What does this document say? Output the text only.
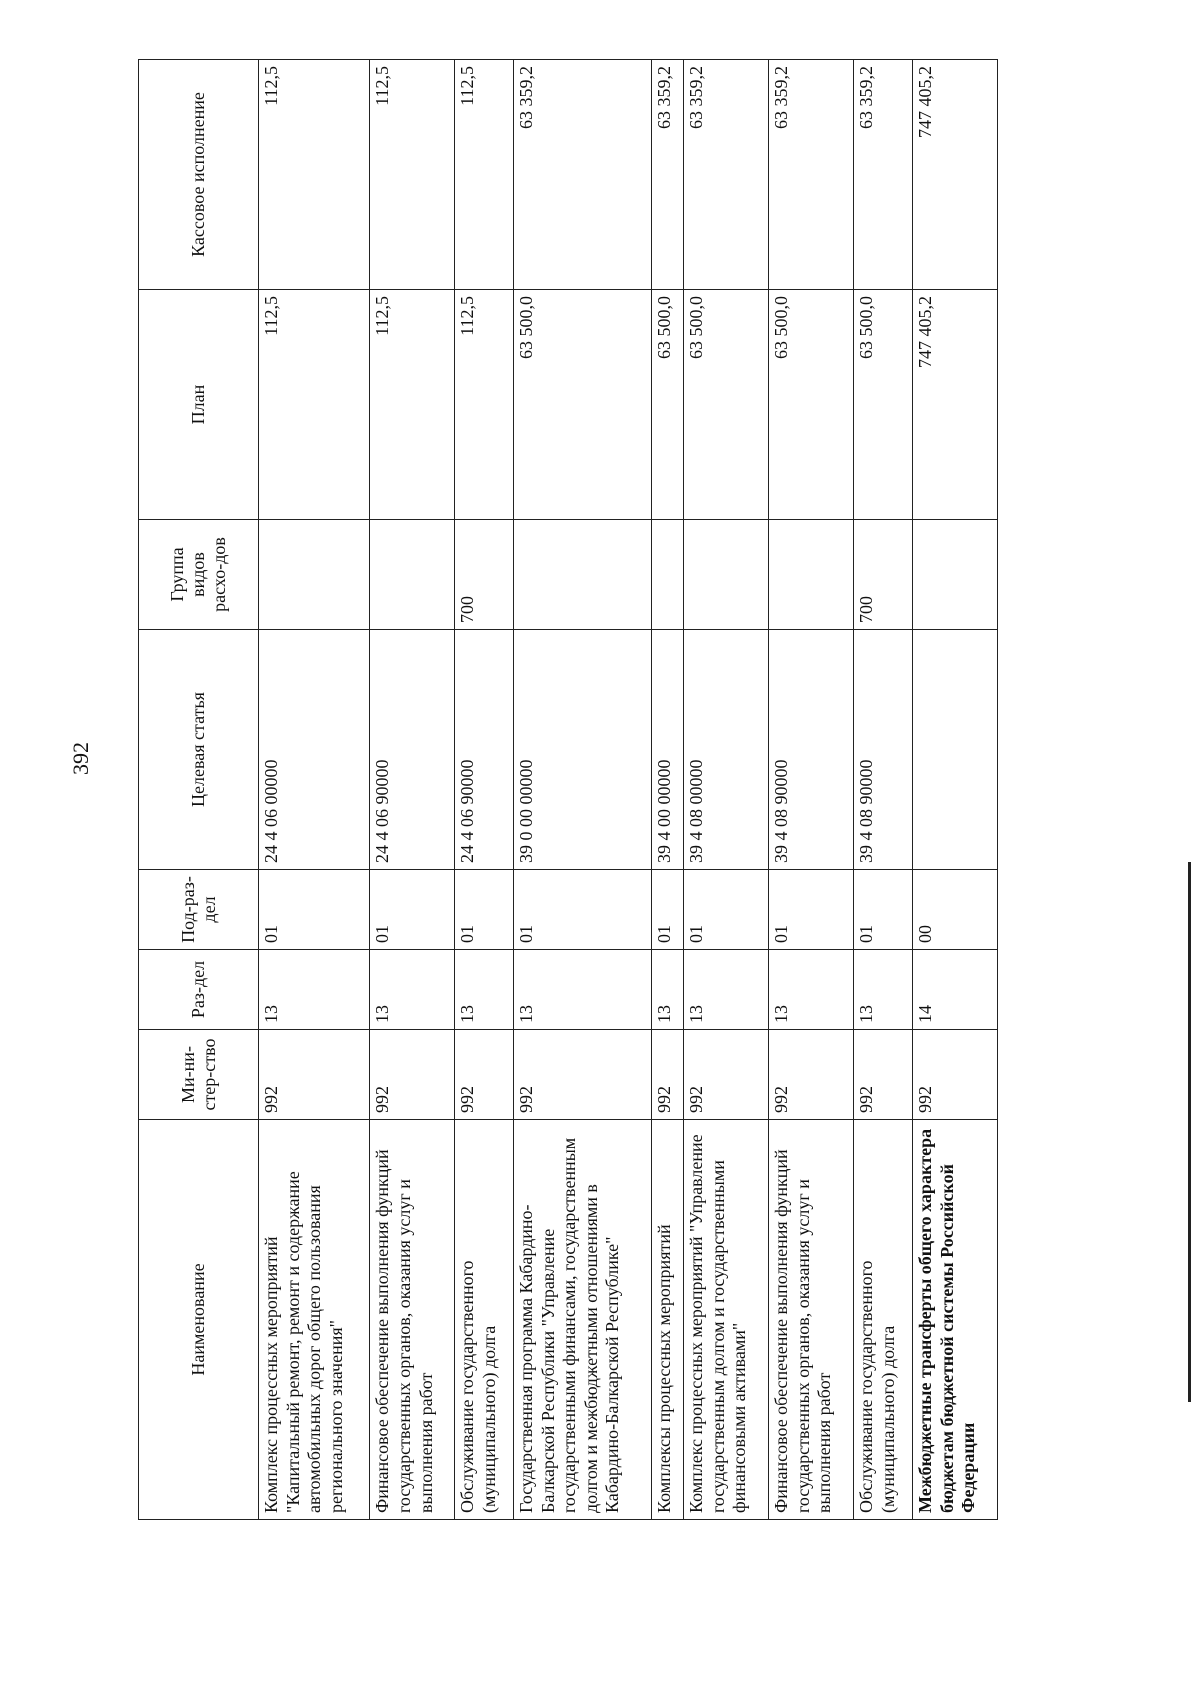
392
Наименование	Ми-ни-стер-ство	Раз-дел	Под-раз-дел	Целевая статья	Группа видов расхо-дов	План	Кассовое исполнение
Комплекс процессных мероприятий "Капитальный ремонт, ремонт и содержание автомобильных дорог общего пользования регионального значения"	992	13	01	24 4 06 00000		112,5	112,5
Финансовое обеспечение выполнения функций государственных органов, оказания услуг и выполнения работ	992	13	01	24 4 06 90000		112,5	112,5
Обслуживание государственного (муниципального) долга	992	13	01	24 4 06 90000	700	112,5	112,5
Государственная программа Кабардино-Балкарской Республики "Управление государственными финансами, государственным долгом и межбюджетными отношениями в Кабардино-Балкарской Республике"	992	13	01	39 0 00 00000		63 500,0	63 359,2
Комплексы процессных мероприятий	992	13	01	39 4 00 00000		63 500,0	63 359,2
Комплекс процессных мероприятий "Управление государственным долгом и государственными финансовыми активами"	992	13	01	39 4 08 00000		63 500,0	63 359,2
Финансовое обеспечение выполнения функций государственных органов, оказания услуг и выполнения работ	992	13	01	39 4 08 90000		63 500,0	63 359,2
Обслуживание государственного (муниципального) долга	992	13	01	39 4 08 90000	700	63 500,0	63 359,2
Межбюджетные трансферты общего характера бюджетам бюджетной системы Российской Федерации	992	14	00			747 405,2	747 405,2
